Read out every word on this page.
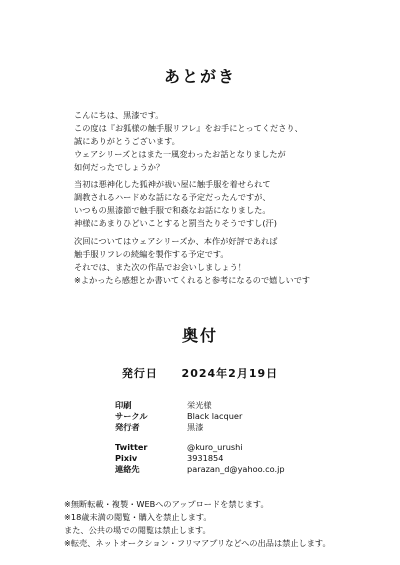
あとがき
こんにちは、黒漆です。
この度は『お狐様の触手服リフレ』をお手にとってくださり、
誠にありがとうございます。
ウェアシリーズとはまた一風変わったお話となりましたが
如何だったでしょうか？
当初は悪神化した狐神が祓い屋に触手服を着せられて
調教されるハードめな話になる予定だったんですが、
いつもの黒漆節で触手服で和姦なお話になりました。
神様にあまりひどいことすると罰当たりそうですし(汗)
次回についてはウェアシリーズか、本作が好評であれば
触手服リフレの続編を製作する予定です。
それでは、また次の作品でお会いしましょう！
※よかったら感想とか書いてくれると参考になるので嬉しいです
奥付
発行日 2024年2月19日
印刷	栄光様
サークル	Black lacquer
発行者	黒漆
Twitter	@kuro_urushi
Pixiv	3931854
連絡先	parazan_d@yahoo.co.jp
※無断転載・複製・WEBへのアップロードを禁じます。
※18歳未満の閲覧・購入を禁止します。
また、公共の場での閲覧は禁止します。
※転売、ネットオークション・フリマアプリなどへの出品は禁止します。
